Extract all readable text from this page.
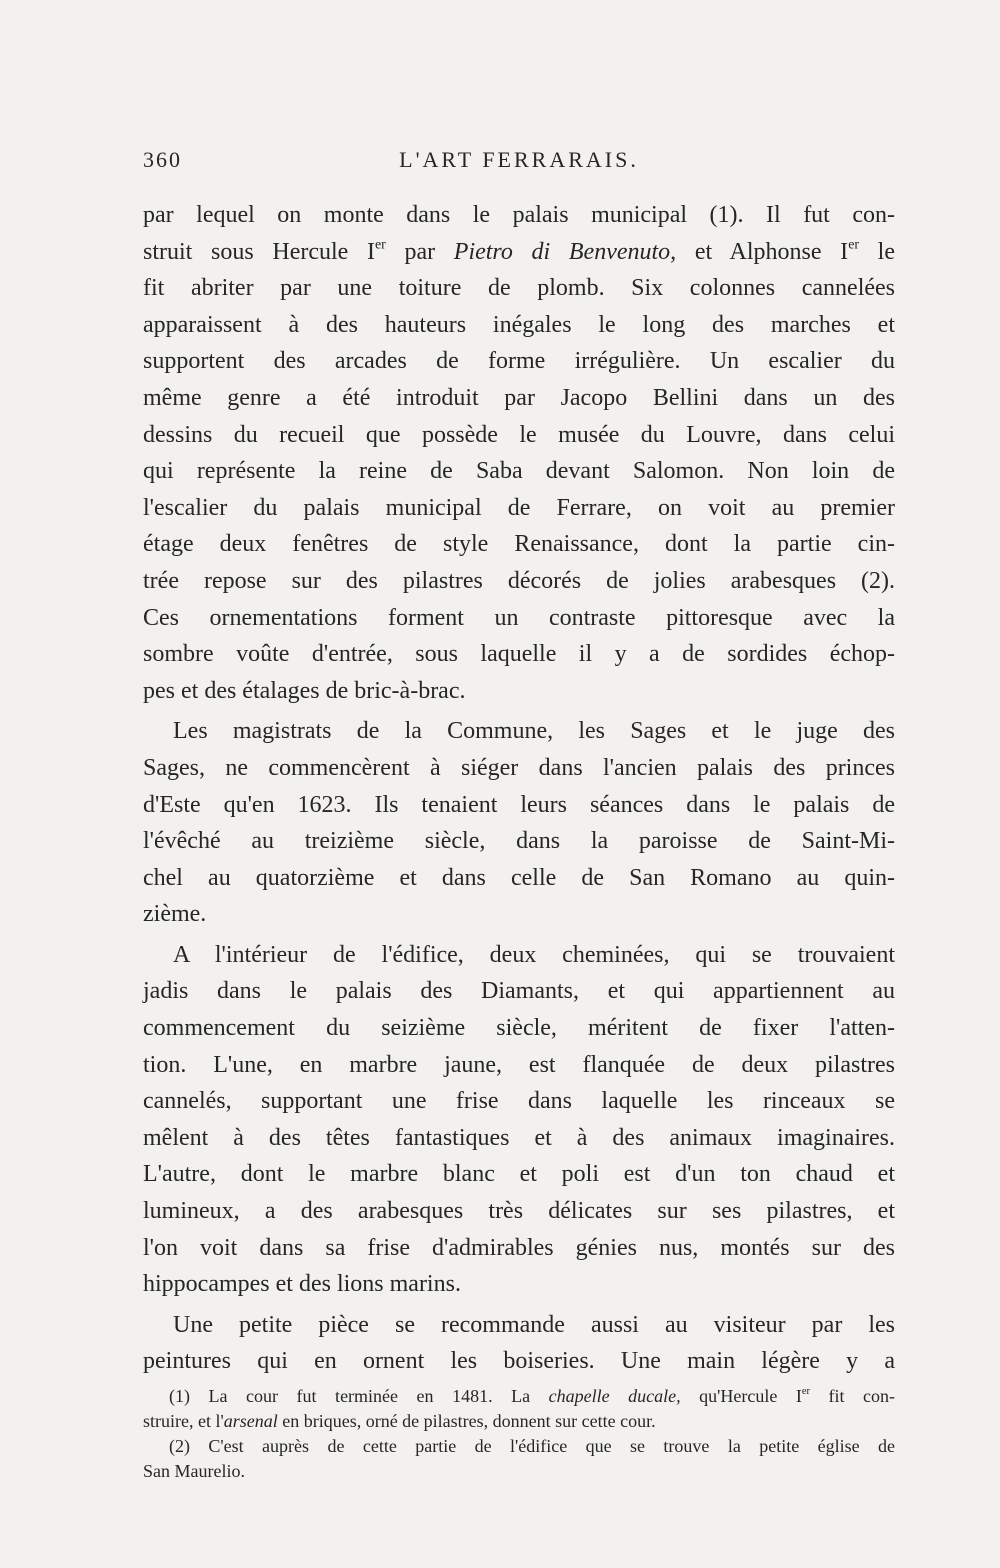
360	L'ART FERRARAIS.
par lequel on monte dans le palais municipal (1). Il fut con-
struit sous Hercule Ier par Pietro di Benvenuto, et Alphonse Ier le
fit abriter par une toiture de plomb. Six colonnes cannelées
apparaissent à des hauteurs inégales le long des marches et
supportent des arcades de forme irrégulière. Un escalier du
même genre a été introduit par Jacopo Bellini dans un des
dessins du recueil que possède le musée du Louvre, dans celui
qui représente la reine de Saba devant Salomon. Non loin de
l'escalier du palais municipal de Ferrare, on voit au premier
étage deux fenêtres de style Renaissance, dont la partie cin-
trée repose sur des pilastres décorés de jolies arabesques (2).
Ces ornementations forment un contraste pittoresque avec la
sombre voûte d'entrée, sous laquelle il y a de sordides échop-
pes et des étalages de bric-à-brac.
Les magistrats de la Commune, les Sages et le juge des
Sages, ne commencèrent à siéger dans l'ancien palais des princes
d'Este qu'en 1623. Ils tenaient leurs séances dans le palais de
l'évêché au treizième siècle, dans la paroisse de Saint-Mi-
chel au quatorzième et dans celle de San Romano au quin-
zième.
A l'intérieur de l'édifice, deux cheminées, qui se trouvaient
jadis dans le palais des Diamants, et qui appartiennent au
commencement du seizième siècle, méritent de fixer l'atten-
tion. L'une, en marbre jaune, est flanquée de deux pilastres
cannelés, supportant une frise dans laquelle les rinceaux se
mêlent à des têtes fantastiques et à des animaux imaginaires.
L'autre, dont le marbre blanc et poli est d'un ton chaud et
lumineux, a des arabesques très délicates sur ses pilastres, et
l'on voit dans sa frise d'admirables génies nus, montés sur des
hippocampes et des lions marins.
Une petite pièce se recommande aussi au visiteur par les
peintures qui en ornent les boiseries. Une main légère y a
(1) La cour fut terminée en 1481. La chapelle ducale, qu'Hercule Ier fit con-
struire, et l'arsenal en briques, orné de pilastres, donnent sur cette cour.
(2) C'est auprès de cette partie de l'édifice que se trouve la petite église de
San Maurelio.
